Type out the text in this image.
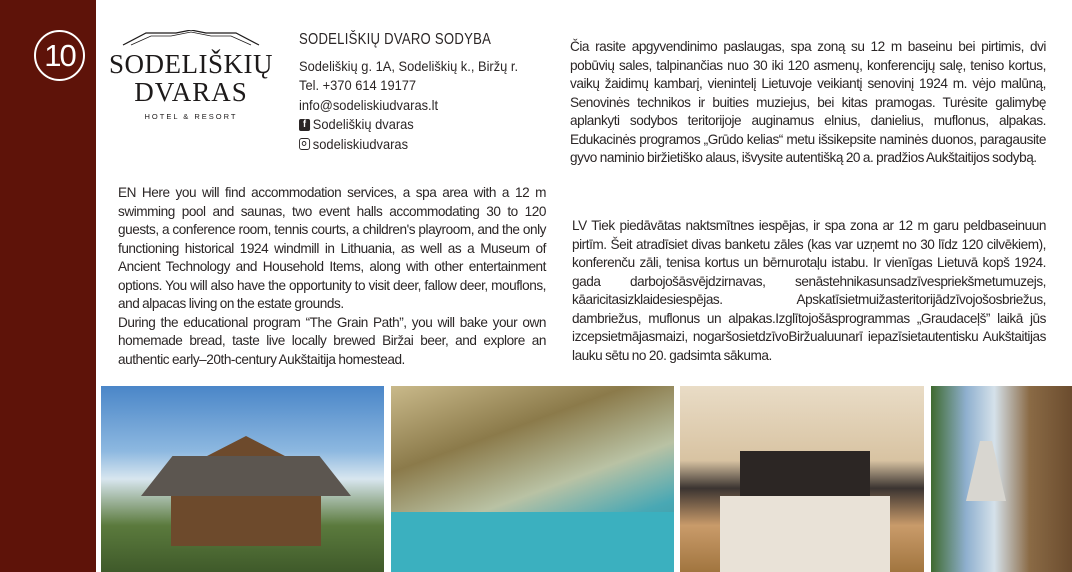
10	SODELIŠKIŲ
DVARAS
HOTEL & RESORT
SODELIŠKIŲ DVARO SODYBA
Sodeliškių g. 1A, Sodeliškių k., Biržų r.
Tel. +370 614 19177
info@sodeliskiudvaras.lt
f Sodeliškių dvaras
sodeliskiudvaras

EN Here you will find accommodation services, a spa area with a 12 m swimming pool and saunas, two event halls accommodating 30 to 120 guests, a conference room, tennis courts, a children's playroom, and the only functioning historical 1924 windmill in Lithuania, as well as a Museum of Ancient Technology and Household Items, along with other entertainment options. You will also have the opportunity to visit deer, fallow deer, mouflons, and alpacas living on the estate grounds.

During the educational program “The Grain Path”, you will bake your own homemade bread, taste live locally brewed Biržai beer, and explore an authentic early–20th-century Aukštaitija homestead.

Čia rasite apgyvendinimo paslaugas, spa zoną su 12 m baseinu bei pirtimis, dvi pobūvių sales, talpinančias nuo 30 iki 120 asmenų, konferencijų salę, teniso kortus, vaikų žaidimų kambarį, vienintelį Lietuvoje veikiantį senovinį 1924 m. vėjo malūną, Senovinės technikos ir buities muziejus, bei kitas pramogas. Turėsite galimybę aplankyti sodybos teritorijoje auginamus elnius, danielius, muflonus, alpakas. Edukacinės programos „Grūdo kelias“ metu išsikepsite naminės duonos, paragausite gyvo naminio biržietiško alaus, išvysite autentišką 20 a. pradžios Aukštaitijos sodybą.
LV Tiek piedāvātas naktsmītnes iespējas, ir spa zona ar 12 m garu peldbaseinuun pirtīm. Šeit atradīsiet divas banketu zāles (kas var uzņemt no 30 līdz 120 cilvēkiem), konferenču zāli, tenisa kortus un bērnurotaļu istabu. Ir vienīgas Lietuvā kopš 1924. gada darbojošāsvējdzirnavas, senāstehnikasunsadzīvespriekšmetumuzejs, kāaricitasizklaidesiespējas. Apskatīsietmuižasteritorijādzīvojošosbriežus, dambriežus, muflonus un alpakas.Izglītojošāsprogrammas „Graudaceļš” laikā jūs izcepsietmājasmaizi, nogaršosietdzīvoBiržualuunarī iepazīsietautentisku Aukštaitijas lauku sētu no 20. gadsimta sākuma.
